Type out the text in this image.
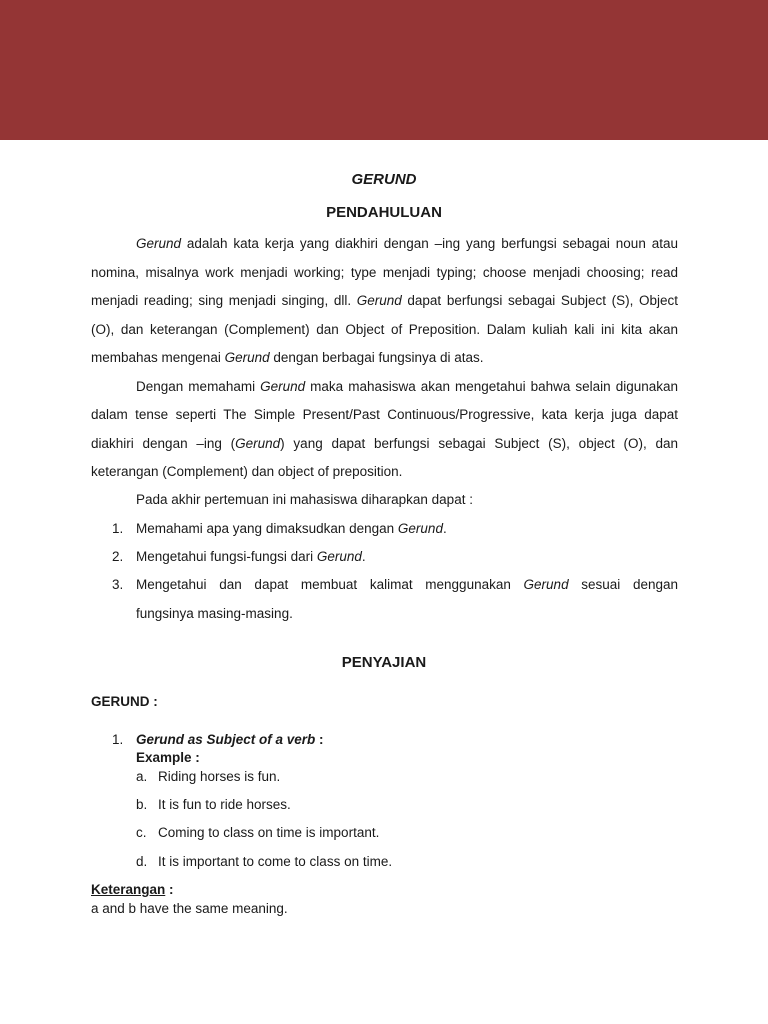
GERUND
PENDAHULUAN
Gerund adalah kata kerja yang diakhiri dengan –ing yang berfungsi sebagai noun atau
nomina, misalnya work menjadi working; type menjadi typing; choose menjadi choosing; read
menjadi reading; sing menjadi singing, dll. Gerund dapat berfungsi sebagai Subject (S), Object
(O), dan keterangan (Complement) dan Object of Preposition. Dalam kuliah kali ini kita akan
membahas mengenai Gerund dengan berbagai fungsinya di atas.
Dengan memahami Gerund maka mahasiswa akan mengetahui bahwa selain digunakan
dalam tense seperti The Simple Present/Past Continuous/Progressive, kata kerja juga dapat
diakhiri dengan –ing (Gerund) yang dapat berfungsi sebagai Subject (S), object (O), dan
keterangan (Complement) dan object of preposition.
Pada akhir pertemuan ini mahasiswa diharapkan dapat :
1. Memahami apa yang dimaksudkan dengan Gerund.
2. Mengetahui fungsi-fungsi dari Gerund.
3. Mengetahui dan dapat membuat kalimat menggunakan Gerund sesuai dengan
fungsinya masing-masing.
PENYAJIAN
GERUND :
1. Gerund as Subject of a verb :
Example :
a. Riding horses is fun.
b. It is fun to ride horses.
c. Coming to class on time is important.
d. It is important to come to class on time.
Keterangan :
a and b have the same meaning.
